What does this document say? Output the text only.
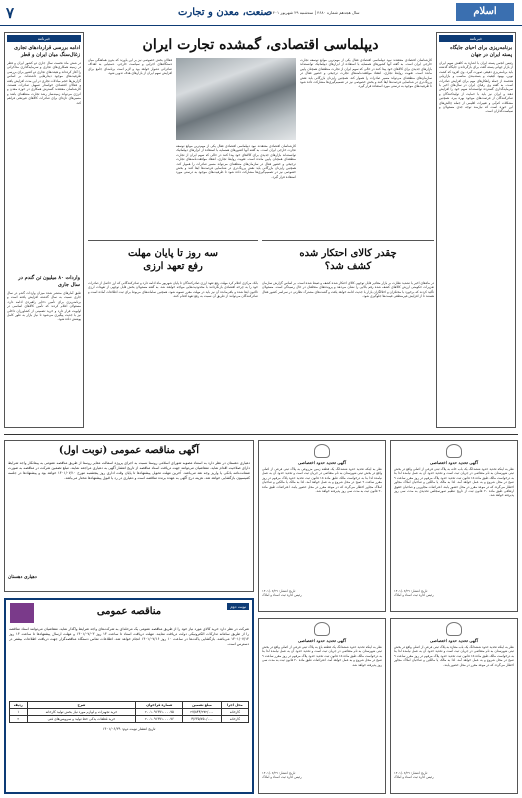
اسلام
سال هجدهم شماره ۴۶۸۰ | سه‌شنبه ۲۹ شهریور ۱۴۰۱
صنعت، معدن و تجارت
۷
خبرنامه
برنامه‌ریزی برای احیای جایگاه پسته ایران در جهان
رئیس انجمن پسته ایران با اشاره به کاهش سهم ایران از بازار جهانی پسته گفت برای بازگرداندن جایگاه گذشته باید برنامه‌ریزی دقیقی صورت گیرد. وی افزود که کشت نوین، بهبود کیفیت و بسته‌بندی مناسب و بازاریابی هدفمند از جمله راهکارهای مهم برای افزایش صادرات است. به گفته وی رقبای ایران در سال‌های اخیر با سرمایه‌گذاری گسترده توانسته‌اند سهم خود را افزایش دهند و ایران نیز باید با حمایت از تولیدکنندگان و صادرکنندگان از فرصت‌های موجود بهره ببرد. همچنین مشکلات کم‌آبی و تغییرات اقلیمی از جمله چالش‌های این حوزه است که نیازمند توجه جدی مسئولان و سیاست‌گذاران است.
خبرنامه
ادامه بررسی قراردادهای تجاری زغال‌سنگ میان ایران و قطر
در شش ماه نخست سال جاری دو کشور ایران و قطر در زمینه همکاری‌های تجاری و سرمایه‌گذاری مذاکراتی را آغاز کرده‌اند و هیئت‌های تجاری دو کشور برای بررسی ظرفیت‌های موجود دیدارهایی داشته‌اند. بر اساس گزارش‌ها حجم مبادلات تجاری در این مدت افزایش یافته و فعالان اقتصادی خواستار تسهیل صادرات هستند. کارشناسان معتقدند گسترش همکاری در حوزه معدن و انرژی می‌تواند زمینه‌ساز رشد تجارت منطقه‌ای باشد و مسیرهای تازه‌ای برای صادرات کالاهای غیرنفتی فراهم کند.
واردات ۸۰ میلیون تن گندم در سال جاری
طبق آمارهای منتشر شده میزان واردات گندم در سال جاری نسبت به سال گذشته افزایش یافته است و برنامه‌ریزی برای تأمین ذخایر راهبردی ادامه دارد. مسئولان اعلام کردند که تأمین کالاهای اساسی در اولویت قرار دارد و خرید تضمینی از کشاورزان داخلی نیز با جدیت پیگیری می‌شود تا نیاز بازار به طور کامل پوشش داده شود.
دیپلماسی اقتصادی، گمشده تجارت ایران
کارشناسان اقتصادی معتقدند نبود دیپلماسی اقتصادی فعال یکی از مهم‌ترین موانع توسعه تجارت خارجی ایران است. به گفته آنها کشورهای همسایه با استفاده از ابزارهای دیپلماتیک توانسته‌اند بازارهای جدیدی برای کالاهای خود پیدا کنند در حالی که سهم ایران از تجارت منطقه‌ای همچنان پایین مانده است. تقویت روابط تجاری، انعقاد موافقت‌نامه‌های تجارت ترجیحی و حضور فعال در سازمان‌های منطقه‌ای می‌تواند مسیر صادرات را هموار کند. همچنین رایزنان بازرگانی باید نقش پررنگ‌تری در شناسایی فرصت‌ها ایفا کنند و بخش خصوصی نیز در تصمیم‌گیری‌ها مشارکت داده شود تا ظرفیت‌های موجود به درستی مورد استفاده قرار گیرد.
فعالان بخش خصوصی نیز بر این باورند که بدون هماهنگی میان دستگاه‌های اجرایی و سیاست خارجی، دستیابی به اهداف صادراتی دشوار خواهد بود و لازم است برنامه‌ای جامع برای افزایش سهم ایران از بازارهای هدف تدوین شود.
کارشناسان اقتصادی معتقدند نبود دیپلماسی اقتصادی فعال یکی از مهم‌ترین موانع توسعه تجارت خارجی ایران است. به گفته آنها کشورهای همسایه با استفاده از ابزارهای دیپلماتیک توانسته‌اند بازارهای جدیدی برای کالاهای خود پیدا کنند در حالی که سهم ایران از تجارت منطقه‌ای همچنان پایین مانده است. تقویت روابط تجاری، انعقاد موافقت‌نامه‌های تجارت ترجیحی و حضور فعال در سازمان‌های منطقه‌ای می‌تواند مسیر صادرات را هموار کند. همچنین رایزنان بازرگانی باید نقش پررنگ‌تری در شناسایی فرصت‌ها ایفا کنند و بخش خصوصی نیز در تصمیم‌گیری‌ها مشارکت داده شود تا ظرفیت‌های موجود به درستی مورد استفاده قرار گیرد.
چقدر کالای احتکار شده
کشف شد؟
در ماه‌های اخیر با تشدید نظارت بر بازار مقادیر قابل توجهی کالای احتکار شده کشف و ضبط شده است. بر اساس گزارش سازمان تعزیرات حکومتی ارزش کالاهای کشف شده رقم بالایی را نشان می‌دهد و پرونده‌های متخلفان در حال رسیدگی است. مسئولان تأکید کردند که برخورد با محتکران و اخلالگران بازار با جدیت ادامه خواهد یافت و گشت‌های مشترک نظارتی در سراسر کشور فعال هستند تا از افزایش غیرمنطقی قیمت‌ها جلوگیری شود.
سه روز تا پایان مهلت
رفع تعهد ارزی
بانک مرکزی اعلام کرد مهلت رفع تعهد ارزی صادرکنندگان تا پایان شهریور ماه ادامه دارد و صادرکنندگانی که ارز حاصل از صادرات خود را به چرخه اقتصادی بازنگردانند با محدودیت‌هایی مواجه خواهند شد. به گفته مسئولان بخش قابل توجهی از تعهدات ارزی تاکنون ایفا شده و باقی‌مانده آن نیز باید در مهلت مقرر تسویه شود. همچنین سامانه‌های مربوط برای ثبت اطلاعات آماده است و صادرکنندگان می‌توانند از طریق آن نسبت به رفع تعهد اقدام کنند.
آگهی مناقصه عمومی (نوبت اول)
دهیاری دهستان در نظر دارد به استناد مصوبه شورای اسلامی روستا نسبت به اجرای پروژه آسفالت معابر روستا از طریق مناقصه عمومی به پیمانکار واجد شرایط دارای صلاحیت اقدام نماید. متقاضیان می‌توانند جهت دریافت اسناد مناقصه از تاریخ انتشار آگهی به دهیاری مراجعه نمایند. مبلغ تضمین شرکت در مناقصه به صورت ضمانت‌نامه بانکی یا واریز وجه نقد می‌باشد. آخرین مهلت تحویل پیشنهادها تا پایان وقت اداری روز پنجشنبه مورخ ۱۴۰۱/۰۷/۱۰ خواهد بود و پیشنهادها در جلسه کمیسیون بازگشایی خواهد شد. هزینه درج آگهی به عهده برنده مناقصه است و دهیاری در رد یا قبول پیشنهادها مختار می‌باشد.
دهیاری دهستان
نوبت دوم
مناقصه عمومی
شرکت در نظر دارد خرید کالای مورد نیاز خود را از طریق مناقصه عمومی یک مرحله‌ای به شرکت‌های واجد شرایط واگذار نماید. متقاضیان می‌توانند اسناد مناقصه را از طریق سامانه تدارکات الکترونیکی دولت دریافت نمایند. مهلت دریافت اسناد تا ساعت ۱۴ روز ۱۴۰۱/۰۷/۰۳ و مهلت ارسال پیشنهادها تا ساعت ۱۴ روز ۱۴۰۱/۰۷/۱۴ می‌باشد. بازگشایی پاکت‌ها در ساعت ۱۰ روز ۱۴۰۱/۰۷/۱۶ انجام خواهد شد. اطلاعات تماس دستگاه مناقصه‌گزار جهت دریافت اطلاعات بیشتر در دسترس است.
ردیف	شرح	شماره فراخوان	مبلغ تضمین	محل اجرا
۱	خرید تجهیزات و لوازم مورد نیاز بخش تولید کارخانه	۲۰۰۱۰۹۱۳۷۱۰۰۰۰۷۵	۲۷/۸۴۴/۲۷۲/۰۰۰	کارخانه
۲	خرید قطعات یدکی خط تولید و سرویس‌های فنی	۲۰۰۱۰۹۱۳۷۱۰۰۰۰۷۶	۴/۶۳۵/۷۵۰/۰۰۰	کارخانه
تاریخ انتشار نوبت دوم: ۱۴۰۱/۰۶/۲۹
آگهی تحدید حدود اختصاصی
نظر به اینکه تحدید حدود ششدانگ یک باب خانه به پلاک ثبتی فرعی از اصلی واقع در بخش ثبتی شهرستان به نام متقاضی در جریان ثبت است و تحدید حدود آن به عمل نیامده لذا بنا به درخواست مالک طبق ماده ۱۵ قانون ثبت تحدید حدود پلاک مرقوم در روز مقرر ساعت ۹ صبح در محل شروع و به عمل خواهد آمد. لذا به مالک یا مالکین و صاحبان املاک مجاور اخطار می‌گردد که در موعد مقرر در محل حضور یابند. اعتراضات مجاورین و صاحبان حقوق ارتفاقی طبق ماده ۲۰ قانون ثبت از تاریخ تنظیم صورتمجلس تحدیدی به مدت سی روز پذیرفته خواهد شد.
تاریخ انتشار: ۱۴۰۱/۰۶/۲۹
رئیس اداره ثبت اسناد و املاک
آگهی تحدید حدود اختصاصی
نظر به اینکه تحدید حدود ششدانگ یک قطعه زمین مزروعی به پلاک ثبتی فرعی از اصلی واقع در بخش ثبتی شهرستان به نام متقاضی در جریان ثبت است و تحدید حدود آن به عمل نیامده لذا بنا به درخواست مالک طبق ماده ۱۵ قانون ثبت تحدید حدود پلاک مرقوم در روز مقرر ساعت ۹ صبح در محل شروع و به عمل خواهد آمد. لذا به مالک یا مالکین و صاحبان املاک مجاور اخطار می‌گردد که در موعد مقرر در محل حضور یابند. اعتراضات طبق ماده ۲۰ قانون ثبت به مدت سی روز پذیرفته خواهد شد.
تاریخ انتشار: ۱۴۰۱/۰۶/۲۹
رئیس اداره ثبت اسناد و املاک
آگهی تحدید حدود اختصاصی
نظر به اینکه تحدید حدود ششدانگ یک باب مغازه به پلاک ثبتی فرعی از اصلی واقع در بخش ثبتی شهرستان به نام متقاضی در جریان ثبت است و تحدید حدود آن به عمل نیامده لذا بنا به درخواست مالک طبق ماده ۱۵ قانون ثبت تحدید حدود پلاک مرقوم در روز مقرر ساعت ۹ صبح در محل شروع و به عمل خواهد آمد. لذا به مالک یا مالکین و صاحبان املاک مجاور اخطار می‌گردد که در موعد مقرر در محل حضور یابند.
تاریخ انتشار: ۱۴۰۱/۰۶/۲۹
رئیس اداره ثبت اسناد و املاک
آگهی تحدید حدود اختصاصی
نظر به اینکه تحدید حدود ششدانگ یک قطعه باغ به پلاک ثبتی فرعی از اصلی واقع در بخش ثبتی شهرستان به نام متقاضی در جریان ثبت است و تحدید حدود آن به عمل نیامده لذا بنا به درخواست مالک طبق ماده ۱۵ قانون ثبت تحدید حدود پلاک مرقوم در روز مقرر ساعت ۹ صبح در محل شروع و به عمل خواهد آمد. اعتراضات طبق ماده ۲۰ قانون ثبت به مدت سی روز پذیرفته خواهد شد.
تاریخ انتشار: ۱۴۰۱/۰۶/۲۹
رئیس اداره ثبت اسناد و املاک
